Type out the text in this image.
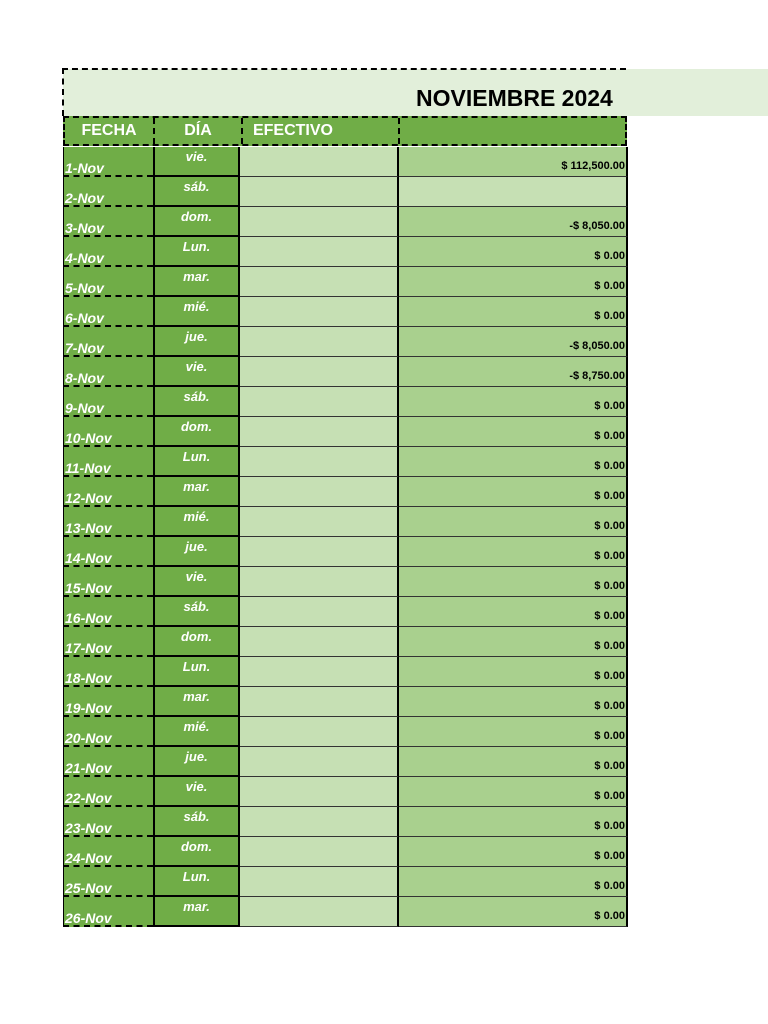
NOVIEMBRE 2024
FECHA	DÍA	EFECTIVO
1-Nov
vie.
$ 112,500.00
2-Nov
sáb.
3-Nov
dom.
-$ 8,050.00
4-Nov
Lun.
$ 0.00
5-Nov
mar.
$ 0.00
6-Nov
mié.
$ 0.00
7-Nov
jue.
-$ 8,050.00
8-Nov
vie.
-$ 8,750.00
9-Nov
sáb.
$ 0.00
10-Nov
dom.
$ 0.00
11-Nov
Lun.
$ 0.00
12-Nov
mar.
$ 0.00
13-Nov
mié.
$ 0.00
14-Nov
jue.
$ 0.00
15-Nov
vie.
$ 0.00
16-Nov
sáb.
$ 0.00
17-Nov
dom.
$ 0.00
18-Nov
Lun.
$ 0.00
19-Nov
mar.
$ 0.00
20-Nov
mié.
$ 0.00
21-Nov
jue.
$ 0.00
22-Nov
vie.
$ 0.00
23-Nov
sáb.
$ 0.00
24-Nov
dom.
$ 0.00
25-Nov
Lun.
$ 0.00
26-Nov
mar.
$ 0.00
